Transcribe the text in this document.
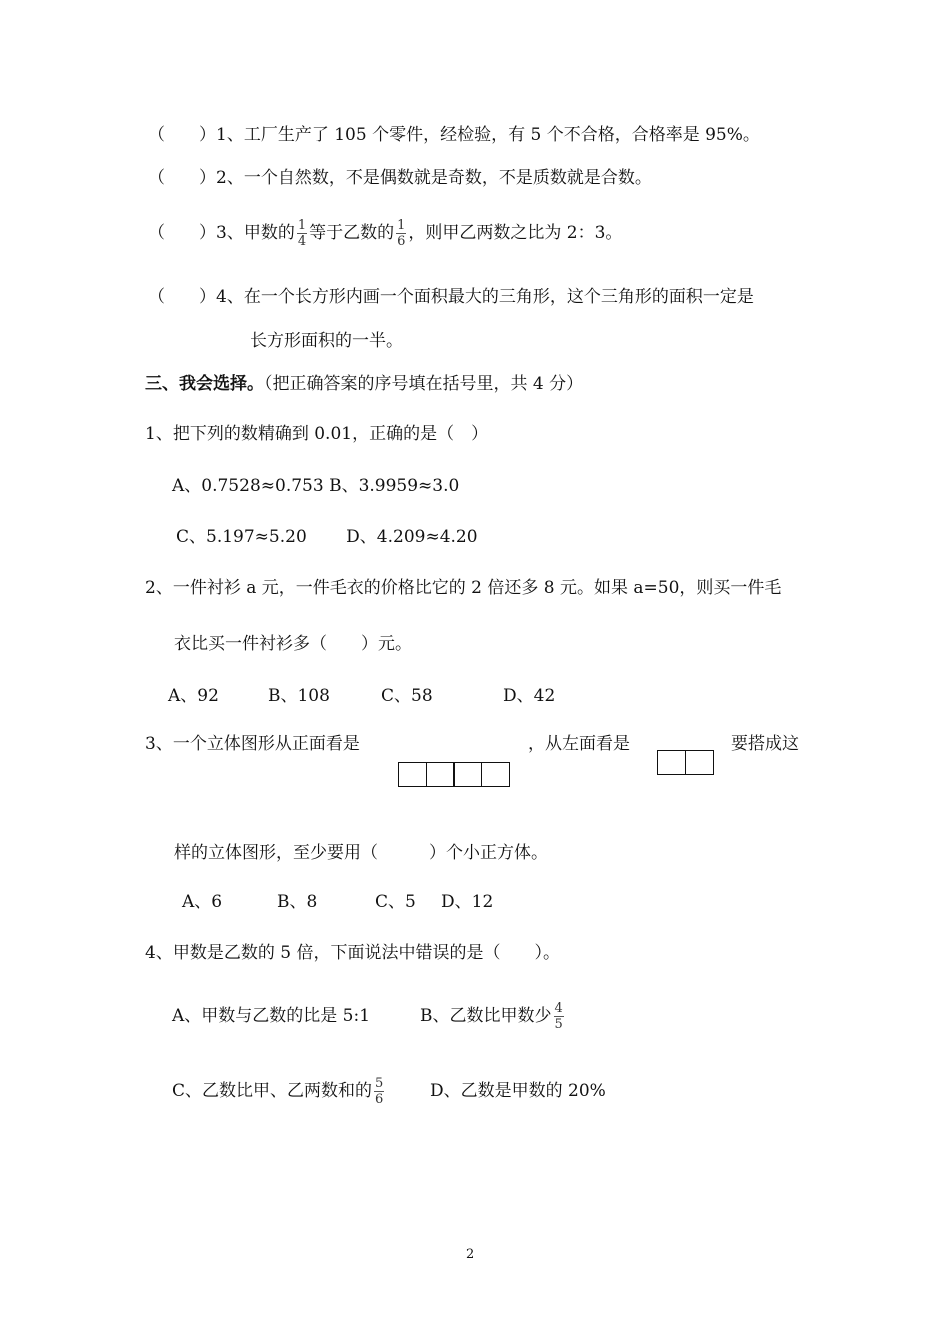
（　　）1、工厂生产了 105 个零件，经检验，有 5 个不合格，合格率是 95%。
（　　）2、一个自然数，不是偶数就是奇数，不是质数就是合数。
（　　）3、甲数的 $\frac{1}{4}$ 等于乙数的 $\frac{1}{6}$ ，则甲乙两数之比为 2：3。
（　　）4、在一个长方形内画一个面积最大的三角形，这个三角形的面积一定是
长方形面积的一半。
三、我会选择。（把正确答案的序号填在括号里，共 4 分）
1、把下列的数精确到 0.01，正确的是（　）
A、0.7528≈0.753 B、3.9959≈3.0
C、5.197≈5.20　　 D、4.209≈4.20
2、一件衬衫 a 元，一件毛衣的价格比它的 2 倍还多 8 元。如果 a=50，则买一件毛
衣比买一件衬衫多（　　）元。
A、92	B、108	C、58	D、42
3、一个立体图形从正面看是	，从左面看是	要搭成这
样的立体图形，至少要用（　　　）个小正方体。
A、6	B、8	C、5 D、12
4、甲数是乙数的 5 倍，下面说法中错误的是（　　）。
A、甲数与乙数的比是 5:1	B、乙数比甲数少 $\frac{4}{5}$
C、乙数比甲、乙两数和的 $\frac{5}{6}$	D、乙数是甲数的 20%
2
